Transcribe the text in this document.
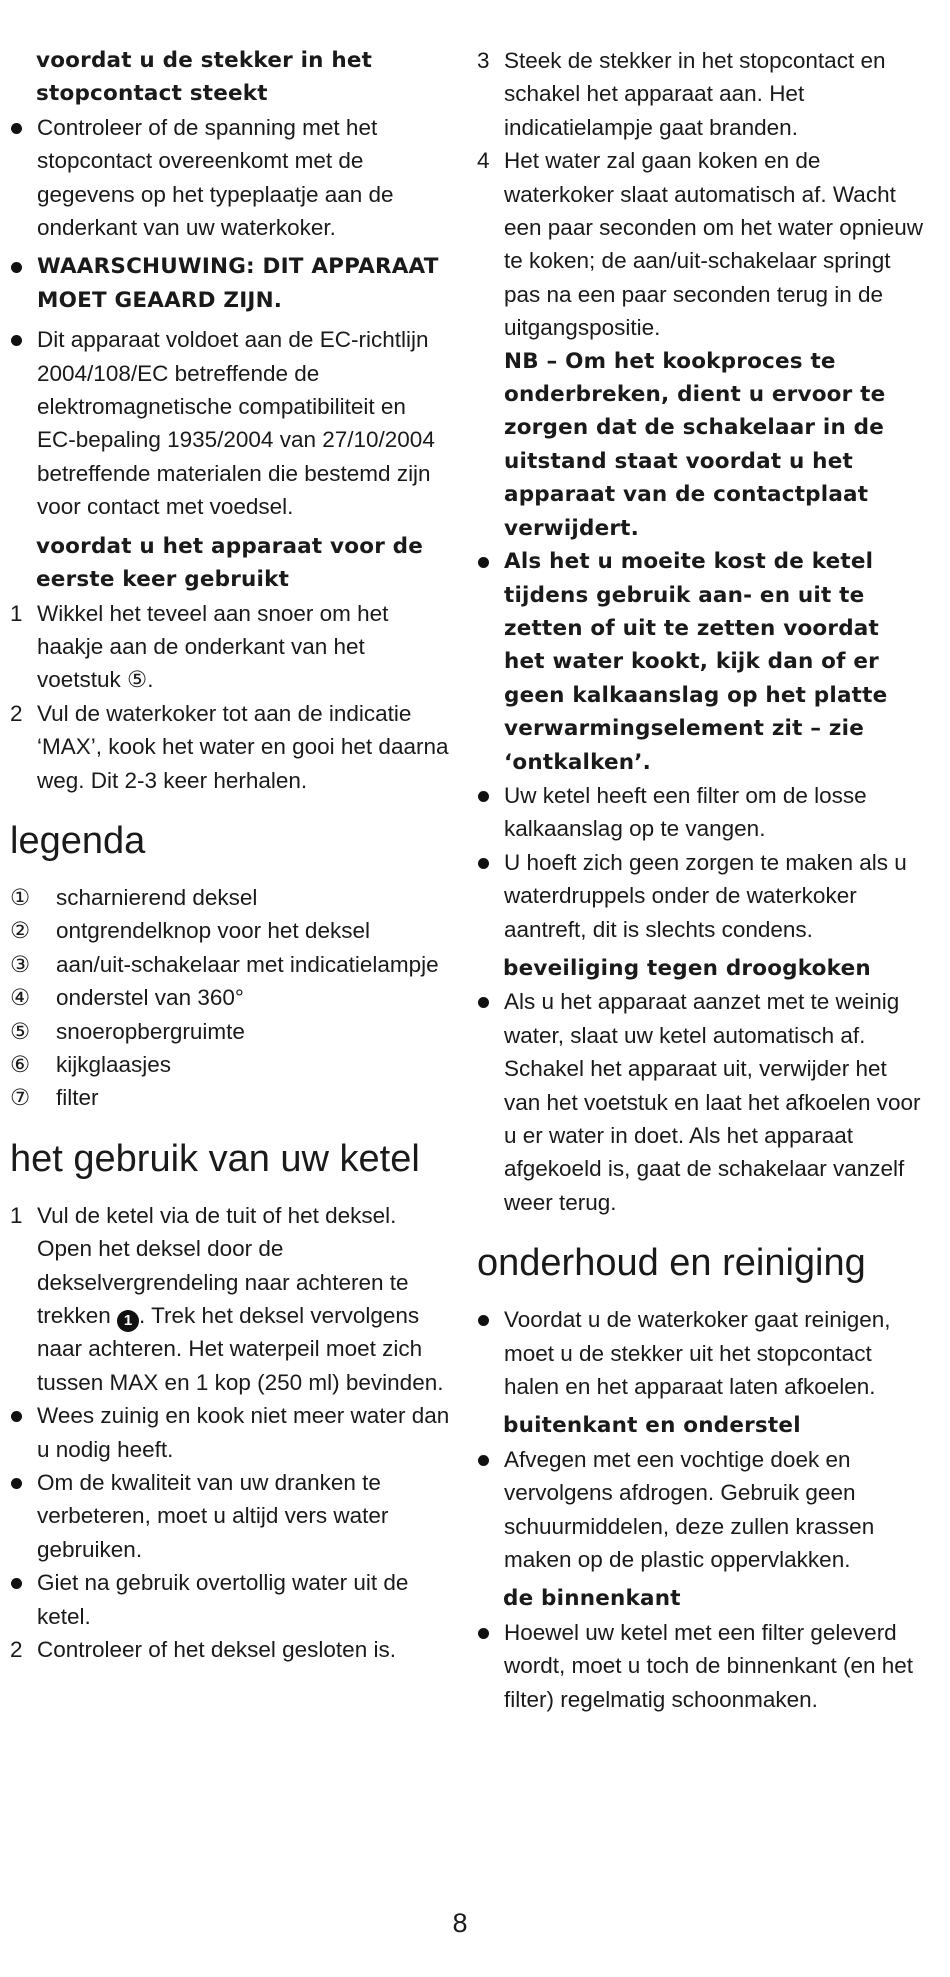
voordat u de stekker in het stopcontact steekt

Controleer of de spanning met het stopcontact overeenkomt met de gegevens op het typeplaatje aan de onderkant van uw waterkoker.

WAARSCHUWING: DIT APPARAAT MOET GEAARD ZIJN.

Dit apparaat voldoet aan de EC-richtlijn 2004/108/EC betreffende de elektromagnetische compatibiliteit en EC-bepaling 1935/2004 van 27/10/2004 betreffende materialen die bestemd zijn voor contact met voedsel.

voordat u het apparaat voor de eerste keer gebruikt

1 Wikkel het teveel aan snoer om het haakje aan de onderkant van het voetstuk ⑤.
2 Vul de waterkoker tot aan de indicatie ‘MAX’, kook het water en gooi het daarna weg. Dit 2-3 keer herhalen.
legenda
① scharnierend deksel
② ontgrendelknop voor het deksel
③ aan/uit-schakelaar met indicatielampje
④ onderstel van 360°
⑤ snoeropbergruimte
⑥ kijkglaasjes
⑦ filter
het gebruik van uw ketel
1 Vul de ketel via de tuit of het deksel. Open het deksel door de dekselvergrendeling naar achteren te trekken 1 . Trek het deksel vervolgens naar achteren. Het waterpeil moet zich tussen MAX en 1 kop (250 ml) bevinden.

Wees zuinig en kook niet meer water dan u nodig heeft.

Om de kwaliteit van uw dranken te verbeteren, moet u altijd vers water gebruiken.

Giet na gebruik overtollig water uit de ketel.

2 Controleer of het deksel gesloten is.
3 Steek de stekker in het stopcontact en schakel het apparaat aan. Het indicatielampje gaat branden.
4 Het water zal gaan koken en de waterkoker slaat automatisch af. Wacht een paar seconden om het water opnieuw te koken; de aan/uit-schakelaar springt pas na een paar seconden terug in de uitgangspositie.
NB – Om het kookproces te onderbreken, dient u ervoor te zorgen dat de schakelaar in de uitstand staat voordat u het apparaat van de contactplaat verwijdert.

Als het u moeite kost de ketel tijdens gebruik aan- en uit te zetten of uit te zetten voordat het water kookt, kijk dan of er geen kalkaanslag op het platte verwarmingselement zit – zie ‘ontkalken’.

Uw ketel heeft een filter om de losse kalkaanslag op te vangen.

U hoeft zich geen zorgen te maken als u waterdruppels onder de waterkoker aantreft, dit is slechts condens.

beveiliging tegen droogkoken

Als u het apparaat aanzet met te weinig water, slaat uw ketel automatisch af. Schakel het apparaat uit, verwijder het van het voetstuk en laat het afkoelen voor u er water in doet. Als het apparaat afgekoeld is, gaat de schakelaar vanzelf weer terug.

onderhoud en reiniging

Voordat u de waterkoker gaat reinigen, moet u de stekker uit het stopcontact halen en het apparaat laten afkoelen.

buitenkant en onderstel

Afvegen met een vochtige doek en vervolgens afdrogen. Gebruik geen schuurmiddelen, deze zullen krassen maken op de plastic oppervlakken.

de binnenkant

Hoewel uw ketel met een filter geleverd wordt, moet u toch de binnenkant (en het filter) regelmatig schoonmaken.

8
